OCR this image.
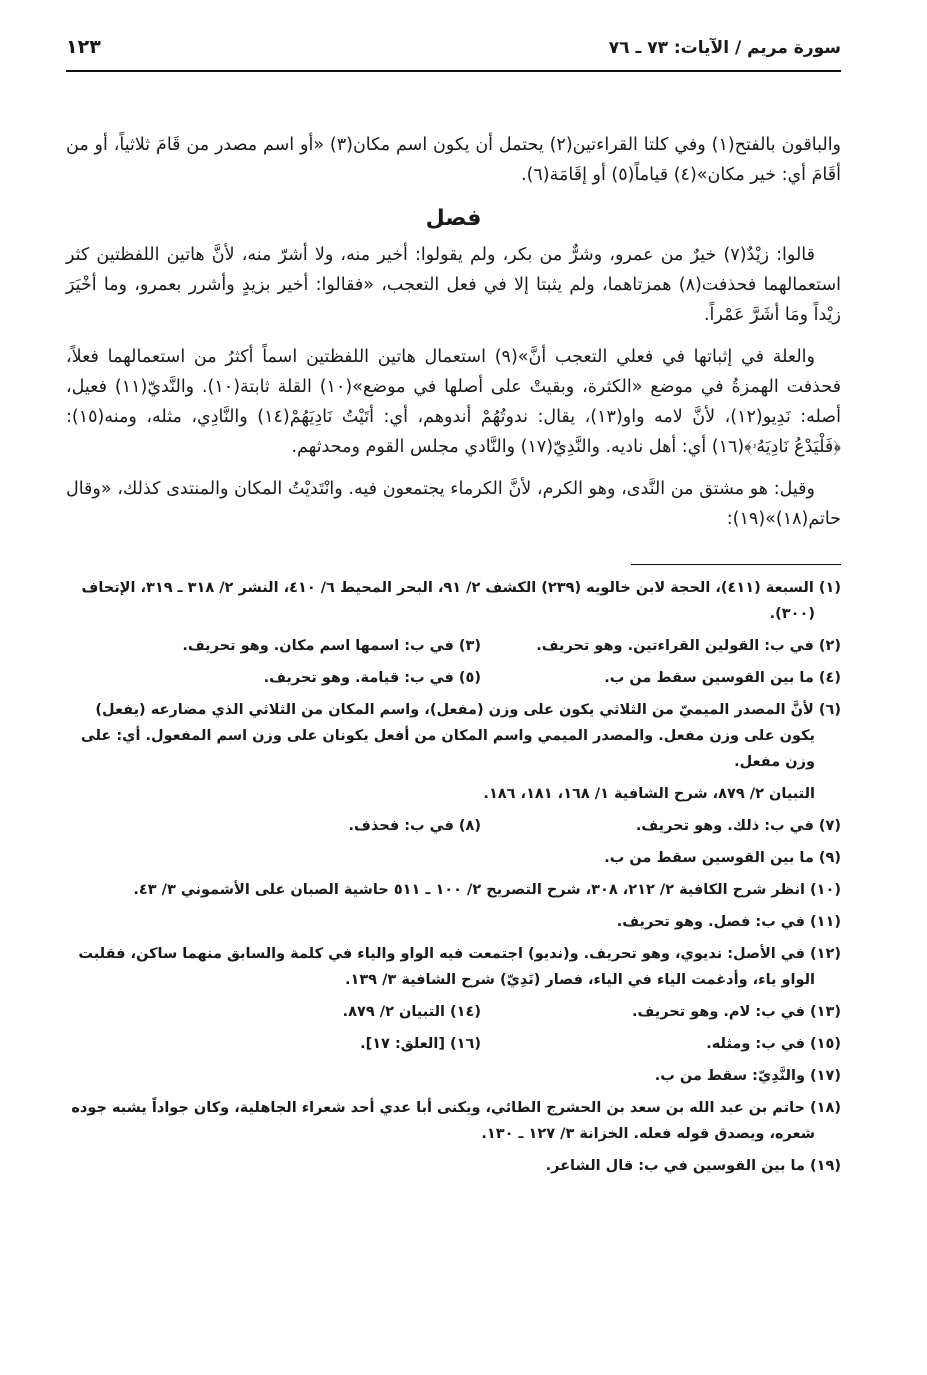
سورة مريم / الآيات: ٧٣ ـ ٧٦
١٢٣

والباقون بالفتح(١) وفي كلتا القراءتين(٢) يحتمل أن يكون اسم مكان(٣) «أو اسم مصدر من قَامَ ثلاثياً، أو من أقَامَ أي: خير مكان»(٤) قياماً(٥) أو إقَامَة(٦).

فصل

قالوا: زيْدٌ(٧) خيرٌ من عمرو، وشرٌّ من بكر، ولم يقولوا: أخير منه، ولا أشرّ منه، لأنَّ هاتين اللفظتين كثر استعمالهما فحذفت(٨) همزتاهما، ولم يثبتا إلا في فعل التعجب، «فقالوا: أخير بزيدٍ وأشرر بعمرو، وما أخْيَرَ زيْداً ومَا أشَرَّ عَمْراً.

والعلة في إثباتها في فعلي التعجب أنَّ»(٩) استعمال هاتين اللفظتين اسماً أكثرُ من استعمالهما فعلاً، فحذفت الهمزةُ في موضع «الكثرة، وبقيتْ على أصلها في موضع»(١٠) القلة ثابتة(١٠). والنَّديّ(١١) فعيل، أصله: نَدِيو(١٢)، لأنَّ لامه واو(١٣)، يقال: ندوتُهُمْ أندوهم، أي: أتَيْتُ نَادِيَهُمْ(١٤) والنَّادِي، مثله، ومنه(١٥): ﴿فَلْيَدْعُ نَادِيَهُۥ﴾(١٦) أي: أهل ناديه. والنَّدِيّ(١٧) والنَّادي مجلس القوم ومحدثهم.

وقيل: هو مشتق من النَّدى، وهو الكرم، لأنَّ الكرماء يجتمعون فيه. وانْتَديْتُ المكان والمنتدى كذلك، «وقال حاتم(١٨)»(١٩):

(١) السبعة (٤١١)، الحجة لابن خالويه (٢٣٩) الكشف ٢/ ٩١، البحر المحيط ٦/ ٤١٠، النشر ٢/ ٣١٨ ـ ٣١٩، الإتحاف (٣٠٠).
(٢) في ب: القولين القراءتين. وهو تحريف.
(٣) في ب: اسمها اسم مكان. وهو تحريف.
(٤) ما بين القوسين سقط من ب.
(٥) في ب: قيامة. وهو تحريف.
(٦) لأنَّ المصدر الميميّ من الثلاثي يكون على وزن (مفعل)، واسم المكان من الثلاثي الذي مضارعه (يفعل) يكون على وزن مفعل. والمصدر الميمي واسم المكان من أفعل يكونان على وزن اسم المفعول. أي: على وزن مفعل.
التبيان ٢/ ٨٧٩، شرح الشافية ١/ ١٦٨، ١٨١، ١٨٦.
(٧) في ب: ذلك. وهو تحريف.
(٨) في ب: فحذف.
(٩) ما بين القوسين سقط من ب.
(١٠) انظر شرح الكافية ٢/ ٢١٢، ٣٠٨، شرح التصريح ٢/ ١٠٠ ـ ٥١١ حاشية الصبان على الأشموني ٣/ ٤٣.
(١١) في ب: فصل. وهو تحريف.
(١٢) في الأصل: نديوي، وهو تحريف. و(نديو) اجتمعت فيه الواو والياء في كلمة والسابق منهما ساكن، فقلبت الواو ياء، وأدغمت الياء في الياء، فصار (نَدِيّ) شرح الشافية ٣/ ١٣٩.
(١٣) في ب: لام. وهو تحريف.
(١٤) التبيان ٢/ ٨٧٩.
(١٥) في ب: ومثله.
(١٦) [العلق: ١٧].
(١٧) والنَّدِيّ: سقط من ب.
(١٨) حاتم بن عبد الله بن سعد بن الحشرج الطائي، ويكنى أبا عدي أحد شعراء الجاهلية، وكان جواداً يشبه جوده شعره، ويصدق قوله فعله. الخزانة ٣/ ١٢٧ ـ ١٣٠.
(١٩) ما بين القوسين في ب: قال الشاعر.
